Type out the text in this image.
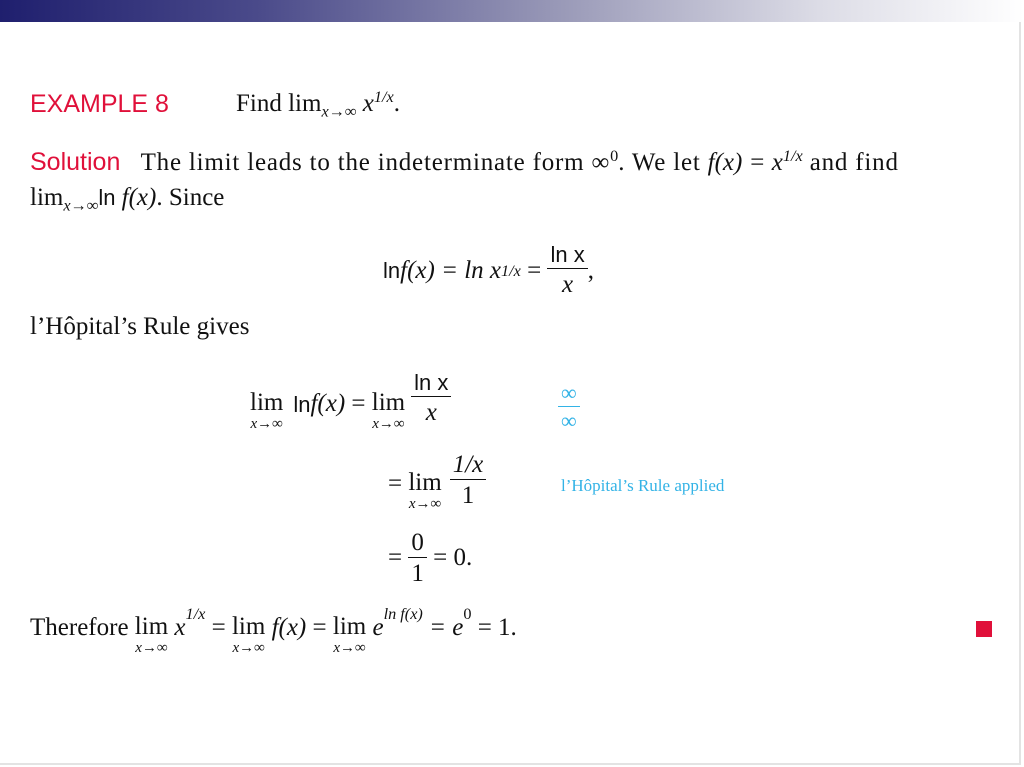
EXAMPLE 8	Find $\lim_{x\to\infty} x^{1/x}$.
Solution The limit leads to the indeterminate form ∞$^0$. We let $f(x) = x^{1/x}$ and find
$\lim_{x\to\infty}\ln$ f(x). Since
ln f(x) = ln x $1/x = \frac{\text{ln x}}{x}$ ,
l’Hôpital’s Rule gives
lim
x→∞
ln f(x) = lim
$x\to\infty \frac{\text{ln x}}{x}$	$\frac{\infty}{\infty}$
= lim
$x\to\infty \frac{1/x}{1}$	l’Hôpital’s Rule applied
= $\frac{0}{1} = 0$.
Therefore lim
x→∞
x 1/x = lim
x→∞
f(x) = lim
x→∞
e ln f(x) = e 0 = 1.
